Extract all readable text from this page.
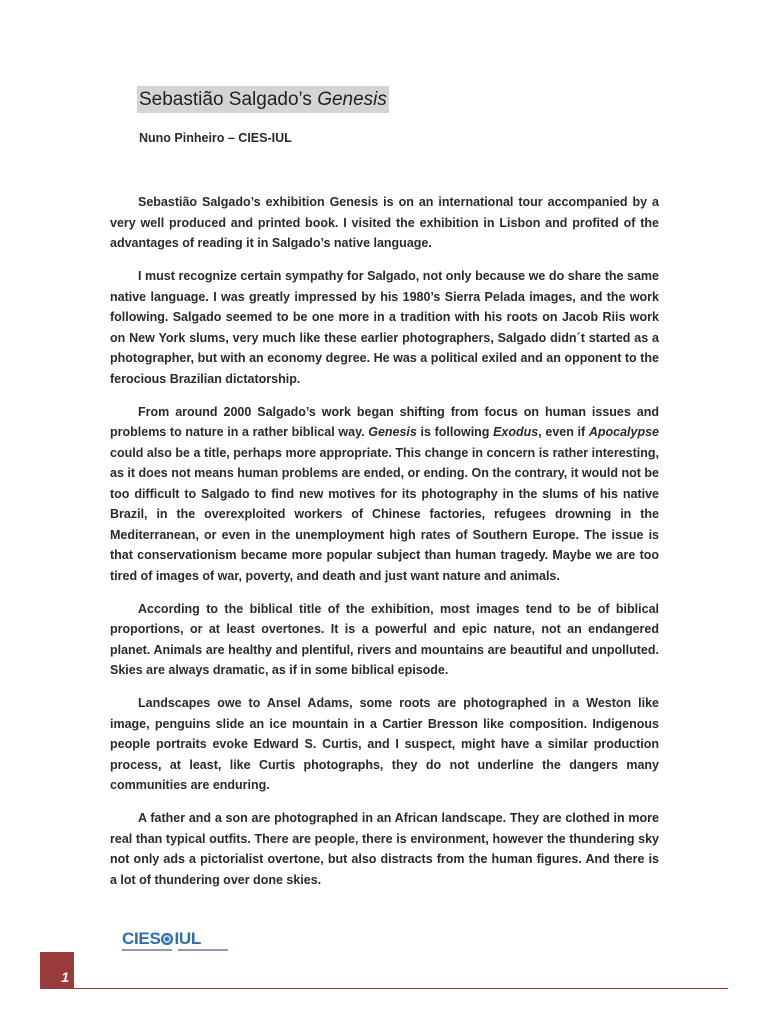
Sebastião Salgado’s Genesis
Nuno Pinheiro – CIES-IUL

Sebastião Salgado’s exhibition Genesis is on an international tour accompanied by a very well produced and printed book. I visited the exhibition in Lisbon and profited of the advantages of reading it in Salgado’s native language.

I must recognize certain sympathy for Salgado, not only because we do share the same native language. I was greatly impressed by his 1980’s Sierra Pelada images, and the work following. Salgado seemed to be one more in a tradition with his roots on Jacob Riis work on New York slums, very much like these earlier photographers, Salgado didn´t started as a photographer, but with an economy degree. He was a political exiled and an opponent to the ferocious Brazilian dictatorship.

From around 2000 Salgado’s work began shifting from focus on human issues and problems to nature in a rather biblical way. Genesis is following Exodus, even if Apocalypse could also be a title, perhaps more appropriate. This change in concern is rather interesting, as it does not means human problems are ended, or ending. On the contrary, it would not be too difficult to Salgado to find new motives for its photography in the slums of his native Brazil, in the overexploited workers of Chinese factories, refugees drowning in the Mediterranean, or even in the unemployment high rates of Southern Europe. The issue is that conservationism became more popular subject than human tragedy. Maybe we are too tired of images of war, poverty, and death and just want nature and animals.

According to the biblical title of the exhibition, most images tend to be of biblical proportions, or at least overtones. It is a powerful and epic nature, not an endangered planet. Animals are healthy and plentiful, rivers and mountains are beautiful and unpolluted. Skies are always dramatic, as if in some biblical episode.

Landscapes owe to Ansel Adams, some roots are photographed in a Weston like image, penguins slide an ice mountain in a Cartier Bresson like composition. Indigenous people portraits evoke Edward S. Curtis, and I suspect, might have a similar production process, at least, like Curtis photographs, they do not underline the dangers many communities are enduring.

A father and a son are photographed in an African landscape. They are clothed in more real than typical outfits. There are people, there is environment, however the thundering sky not only ads a pictorialist overtone, but also distracts from the human figures. And there is a lot of thundering over done skies.

CIES IUL
1
